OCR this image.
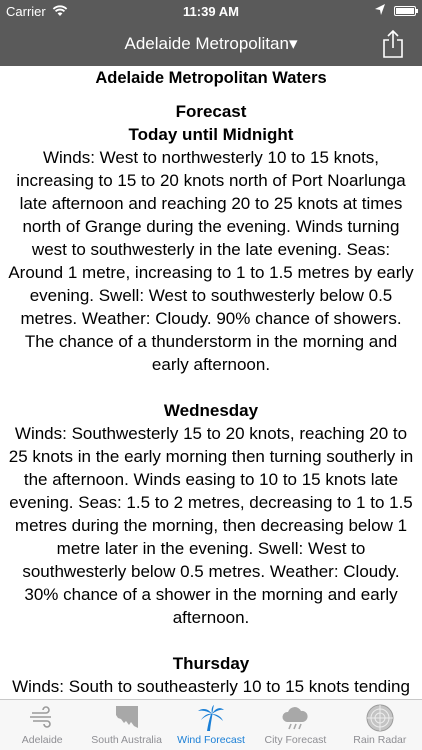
Carrier	11:39 AM
Adelaide Metropolitan▾
Adelaide Metropolitan Waters
Forecast
Today until Midnight

Winds: West to northwesterly 10 to 15 knots, increasing to 15 to 20 knots north of Port Noarlunga late afternoon and reaching 20 to 25 knots at times north of Grange during the evening. Winds turning west to southwesterly in the late evening. Seas: Around 1 metre, increasing to 1 to 1.5 metres by early evening. Swell: West to southwesterly below 0.5 metres. Weather: Cloudy. 90% chance of showers. The chance of a thunderstorm in the morning and early afternoon.

Wednesday

Winds: Southwesterly 15 to 20 knots, reaching 20 to 25 knots in the early morning then turning southerly in the afternoon. Winds easing to 10 to 15 knots late evening. Seas: 1.5 to 2 metres, decreasing to 1 to 1.5 metres during the morning, then decreasing below 1 metre later in the evening. Swell: West to southwesterly below 0.5 metres. Weather: Cloudy. 30% chance of a shower in the morning and early afternoon.

Thursday

Winds: South to southeasterly 10 to 15 knots tending

Adelaide	South Australia	Wind Forecast	City Forecast	Rain Radar
